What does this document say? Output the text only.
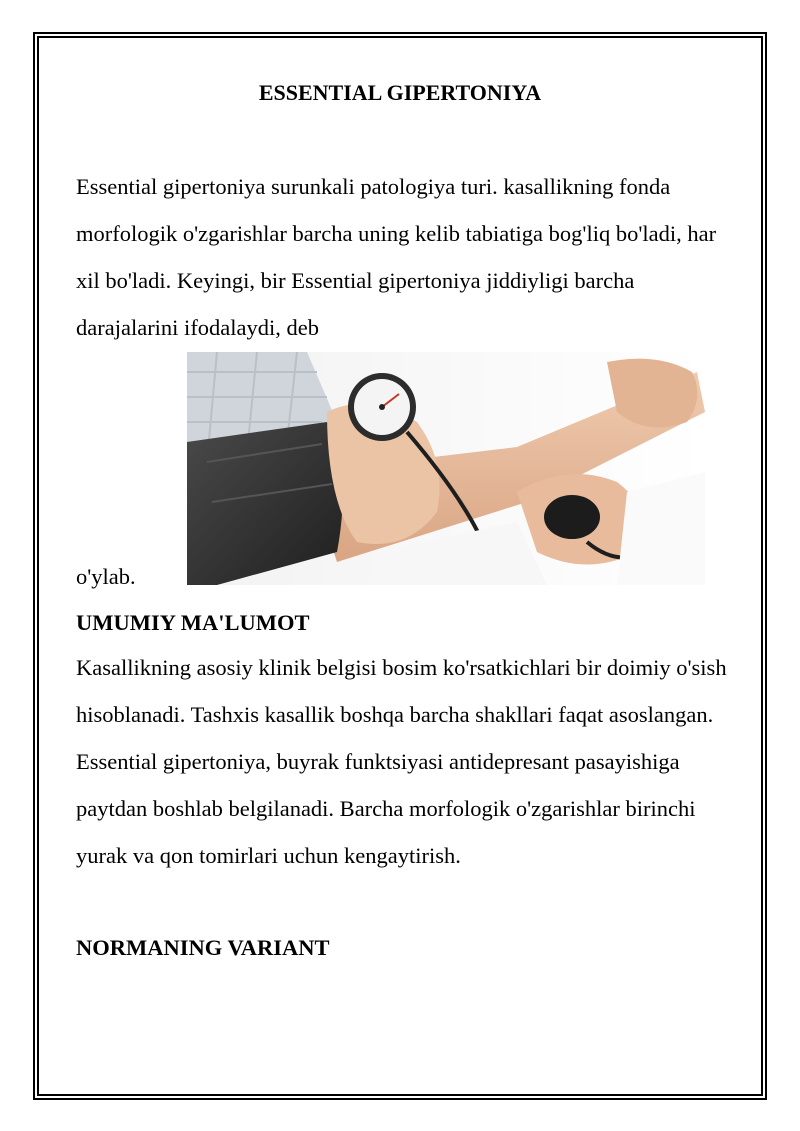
ESSENTIAL GIPERTONIYA

Essential gipertoniya surunkali patologiya turi. kasallikning fonda morfologik o'zgarishlar barcha uning kelib tabiatiga bog'liq bo'ladi, har xil bo'ladi. Keyingi, bir Essential gipertoniya jiddiyligi barcha darajalarini ifodalaydi, deb

o'ylab.

UMUMIY MA'LUMOT

Kasallikning asosiy klinik belgisi bosim ko'rsatkichlari bir doimiy o'sish hisoblanadi. Tashxis kasallik boshqa barcha shakllari faqat asoslangan. Essential gipertoniya, buyrak funktsiyasi antidepresant pasayishiga paytdan boshlab belgilanadi. Barcha morfologik o'zgarishlar birinchi yurak va qon tomirlari uchun kengaytirish.

NORMANING VARIANT
